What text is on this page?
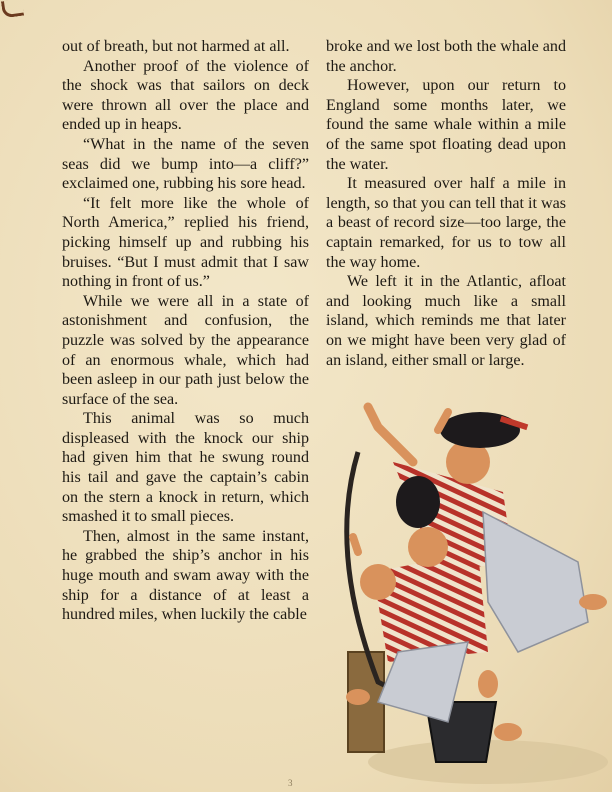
out of breath, but not harmed at all.

Another proof of the violence of the shock was that sailors on deck were thrown all over the place and ended up in heaps.

“What in the name of the seven seas did we bump into—a cliff?” exclaimed one, rubbing his sore head.

“It felt more like the whole of North America,” replied his friend, picking himself up and rubbing his bruises. “But I must admit that I saw nothing in front of us.”

While we were all in a state of astonishment and confusion, the puzzle was solved by the appearance of an enormous whale, which had been asleep in our path just below the surface of the sea.

This animal was so much displeased with the knock our ship had given him that he swung round his tail and gave the captain’s cabin on the stern a knock in return, which smashed it to small pieces.

Then, almost in the same instant, he grabbed the ship’s anchor in his huge mouth and swam away with the ship for a distance of at least a hundred miles, when luckily the cable

broke and we lost both the whale and the anchor.

However, upon our return to England some months later, we found the same whale within a mile of the same spot floating dead upon the water.

It measured over half a mile in length, so that you can tell that it was a beast of record size—too large, the captain remarked, for us to tow all the way home.

We left it in the Atlantic, afloat and looking much like a small island, which reminds me that later on we might have been very glad of an island, either small or large.

3
